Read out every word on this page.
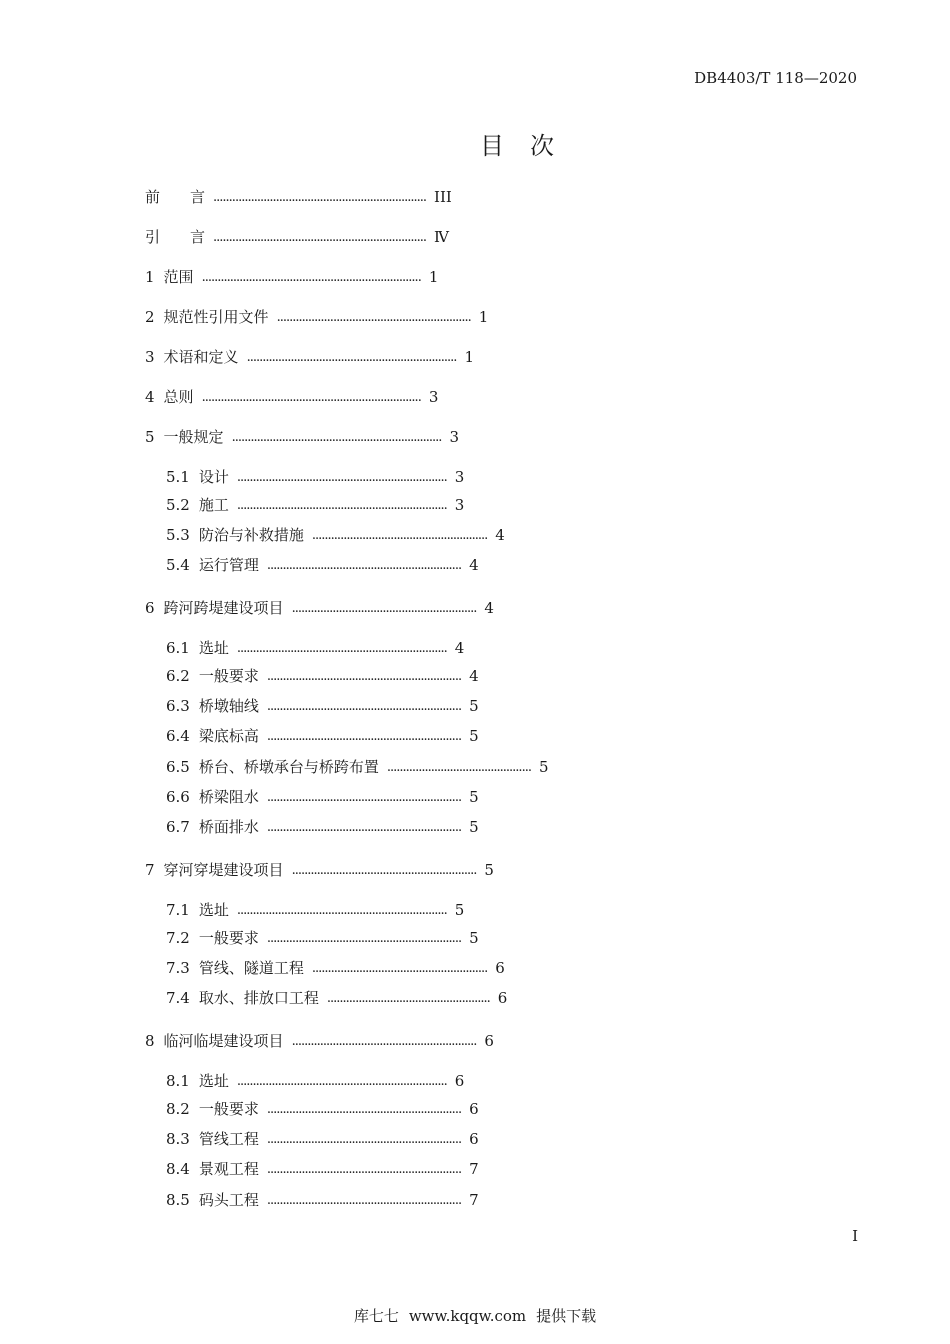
DB4403/T 118—2020
目 次
前　　言 .................................................................... III
引　　言 .................................................................... Ⅳ
1 范围 ...................................................................... 1
2 规范性引用文件 .............................................................. 1
3 术语和定义 ................................................................... 1
4 总则 ...................................................................... 3
5 一般规定 ................................................................... 3
5.1 设计 ................................................................... 3
5.2 施工 ................................................................... 3
5.3 防治与补救措施 ........................................................ 4
5.4 运行管理 .............................................................. 4
6 跨河跨堤建设项目 ........................................................... 4
6.1 选址 ................................................................... 4
6.2 一般要求 .............................................................. 4
6.3 桥墩轴线 .............................................................. 5
6.4 梁底标高 .............................................................. 5
6.5 桥台、桥墩承台与桥跨布置 .............................................. 5
6.6 桥梁阻水 .............................................................. 5
6.7 桥面排水 .............................................................. 5
7 穿河穿堤建设项目 ........................................................... 5
7.1 选址 ................................................................... 5
7.2 一般要求 .............................................................. 5
7.3 管线、隧道工程 ........................................................ 6
7.4 取水、排放口工程 .................................................... 6
8 临河临堤建设项目 ........................................................... 6
8.1 选址 ................................................................... 6
8.2 一般要求 .............................................................. 6
8.3 管线工程 .............................................................. 6
8.4 景观工程 .............................................................. 7
8.5 码头工程 .............................................................. 7
I
库七七 www.kqqw.com 提供下载
